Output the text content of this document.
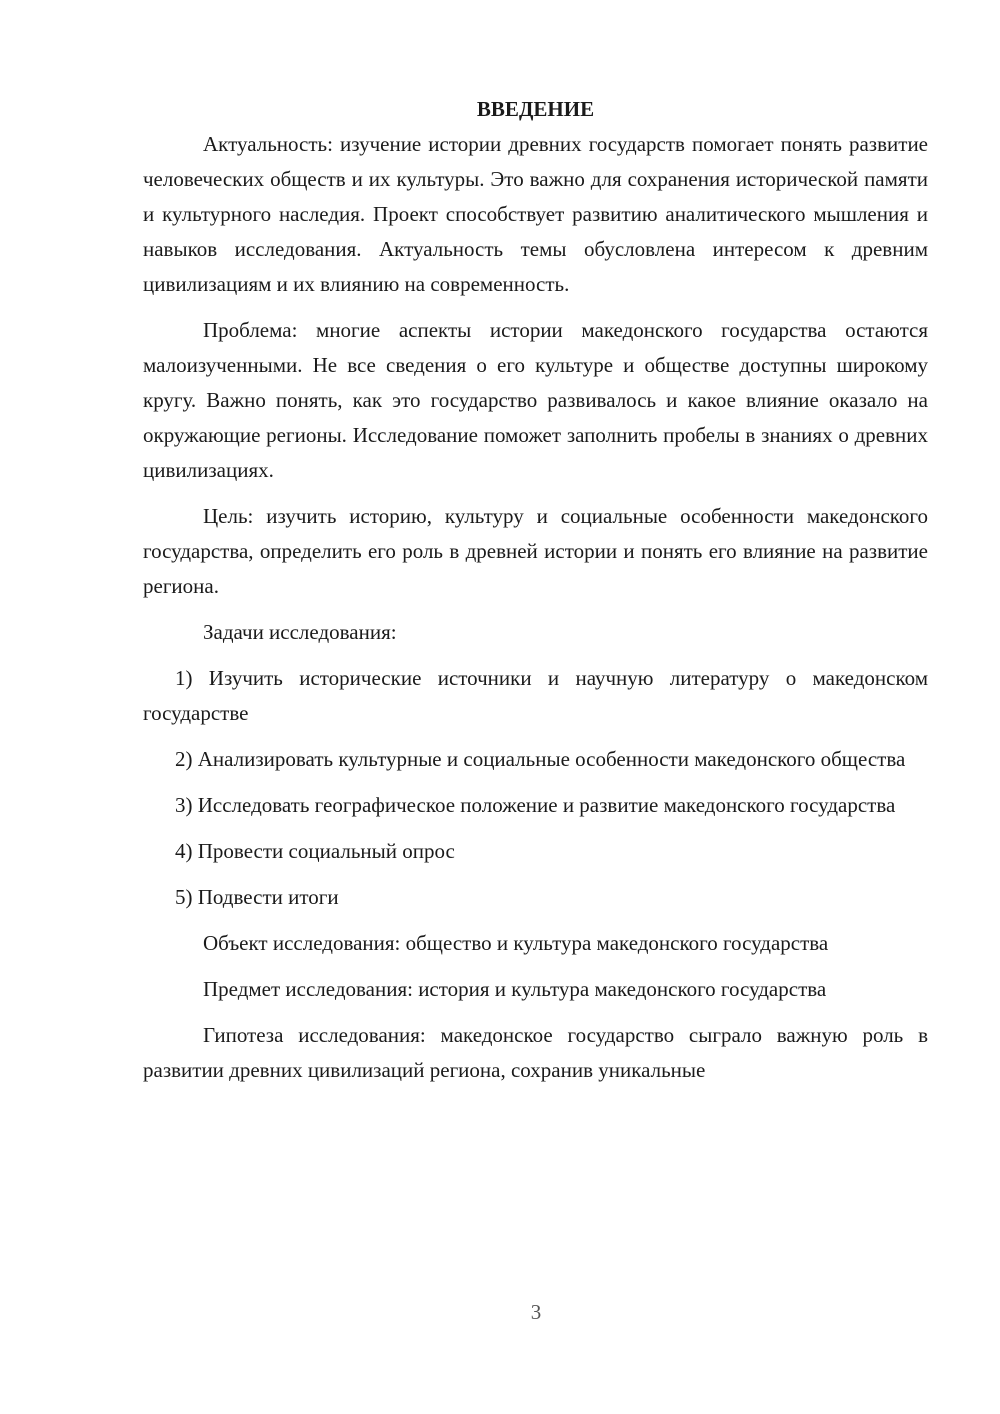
ВВЕДЕНИЕ

Актуальность: изучение истории древних государств помогает понять развитие человеческих обществ и их культуры. Это важно для сохранения исторической памяти и культурного наследия. Проект способствует развитию аналитического мышления и навыков исследования. Актуальность темы обусловлена интересом к древним цивилизациям и их влиянию на современность.

Проблема: многие аспекты истории македонского государства остаются малоизученными. Не все сведения о его культуре и обществе доступны широкому кругу. Важно понять, как это государство развивалось и какое влияние оказало на окружающие регионы. Исследование поможет заполнить пробелы в знаниях о древних цивилизациях.

Цель: изучить историю, культуру и социальные особенности македонского государства, определить его роль в древней истории и понять его влияние на развитие региона.

Задачи исследования:

1) Изучить исторические источники и научную литературу о македонском государстве

2) Анализировать культурные и социальные особенности македонского общества

3) Исследовать географическое положение и развитие македонского государства

4) Провести социальный опрос

5) Подвести итоги

Объект исследования: общество и культура македонского государства

Предмет исследования: история и культура македонского государства

Гипотеза исследования: македонское государство сыграло важную роль в развитии древних цивилизаций региона, сохранив уникальные

3
